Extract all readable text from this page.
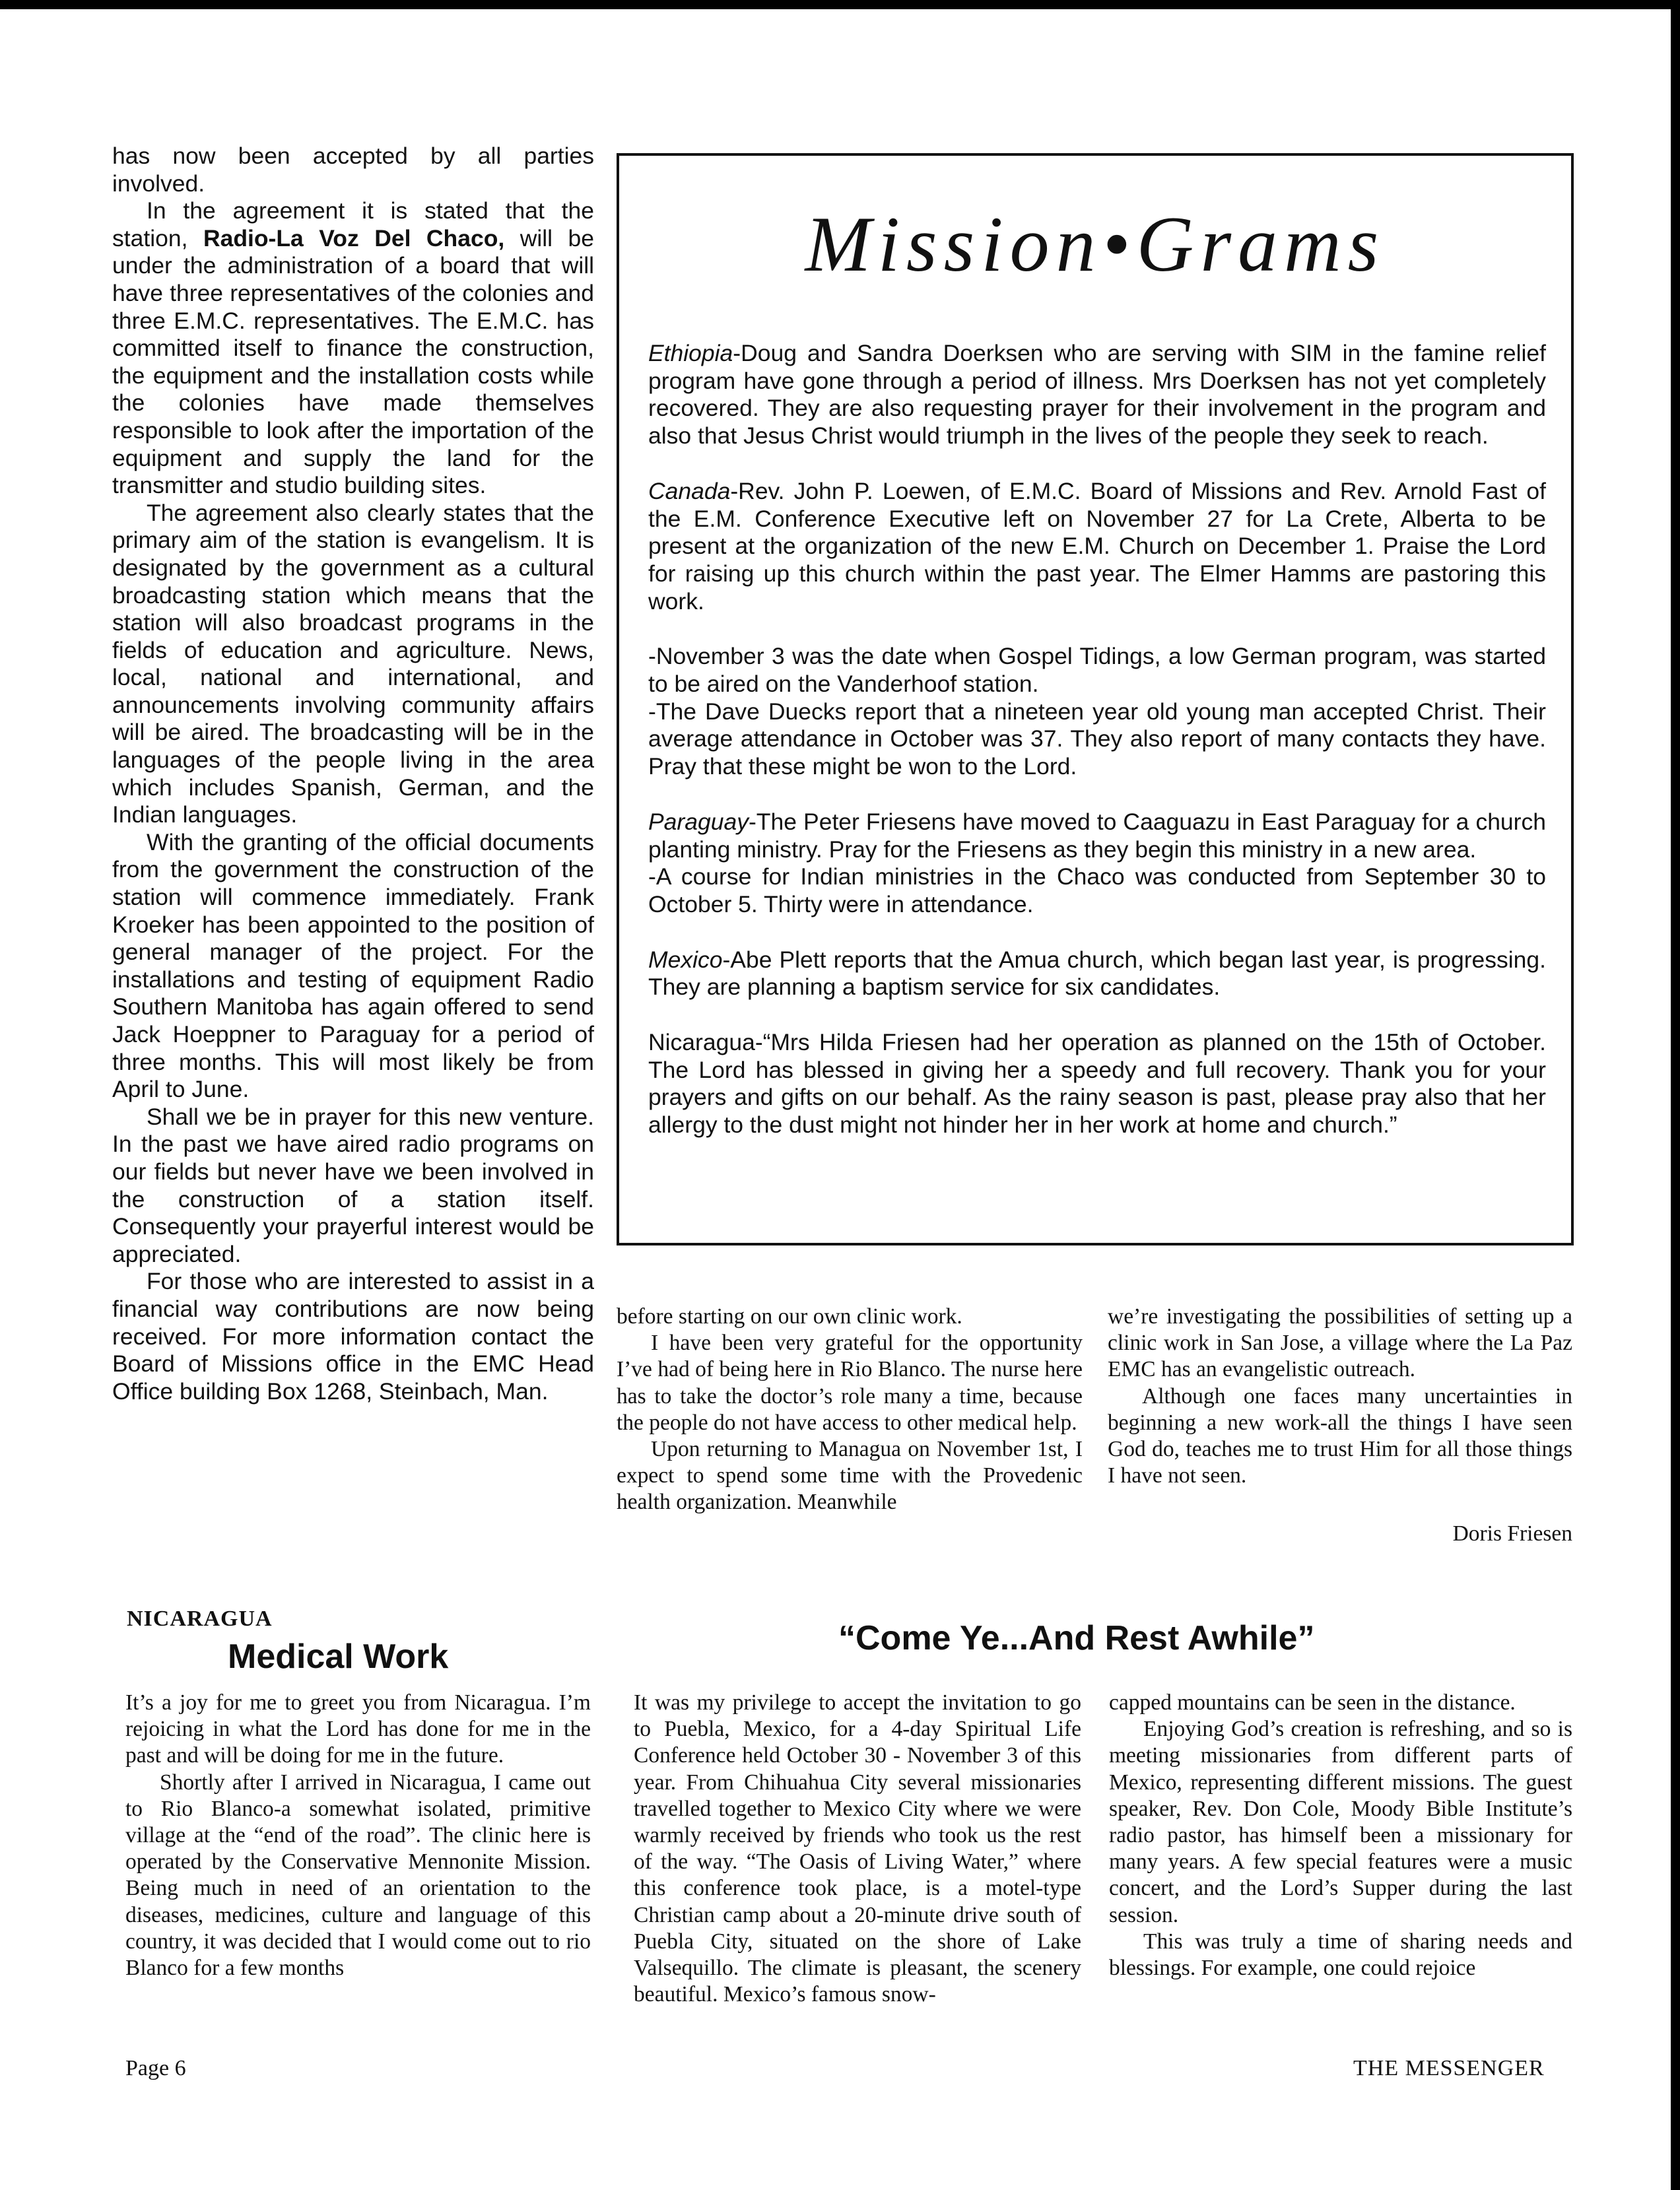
has now been accepted by all parties involved.

In the agreement it is stated that the station, Radio-La Voz Del Chaco, will be under the administration of a board that will have three representatives of the colonies and three E.M.C. representatives. The E.M.C. has committed itself to finance the construction, the equipment and the installation costs while the colonies have made themselves responsible to look after the importation of the equipment and supply the land for the transmitter and studio building sites.

The agreement also clearly states that the primary aim of the station is evangelism. It is designated by the government as a cultural broadcasting station which means that the station will also broadcast programs in the fields of education and agriculture. News, local, national and international, and announcements involving community affairs will be aired. The broadcasting will be in the languages of the people living in the area which includes Spanish, German, and the Indian languages.

With the granting of the official documents from the government the construction of the station will commence immediately. Frank Kroeker has been appointed to the position of general manager of the project. For the installations and testing of equipment Radio Southern Manitoba has again offered to send Jack Hoeppner to Paraguay for a period of three months. This will most likely be from April to June.

Shall we be in prayer for this new venture. In the past we have aired radio programs on our fields but never have we been involved in the construction of a station itself. Consequently your prayerful interest would be appreciated.

For those who are interested to assist in a financial way contributions are now being received. For more information contact the Board of Missions office in the EMC Head Office building Box 1268, Steinbach, Man.

Mission•Grams

Ethiopia-Doug and Sandra Doerksen who are serving with SIM in the famine relief program have gone through a period of illness. Mrs Doerksen has not yet completely recovered. They are also requesting prayer for their involvement in the program and also that Jesus Christ would triumph in the lives of the people they seek to reach.

Canada-Rev. John P. Loewen, of E.M.C. Board of Missions and Rev. Arnold Fast of the E.M. Conference Executive left on November 27 for La Crete, Alberta to be present at the organization of the new E.M. Church on December 1. Praise the Lord for raising up this church within the past year. The Elmer Hamms are pastoring this work.

-November 3 was the date when Gospel Tidings, a low German program, was started to be aired on the Vanderhoof station.

-The Dave Duecks report that a nineteen year old young man accepted Christ. Their average attendance in October was 37. They also report of many contacts they have. Pray that these might be won to the Lord.

Paraguay-The Peter Friesens have moved to Caaguazu in East Paraguay for a church planting ministry. Pray for the Friesens as they begin this ministry in a new area.

-A course for Indian ministries in the Chaco was conducted from September 30 to October 5. Thirty were in attendance.

Mexico-Abe Plett reports that the Amua church, which began last year, is progressing. They are planning a baptism service for six candidates.

Nicaragua-“Mrs Hilda Friesen had her operation as planned on the 15th of October. The Lord has blessed in giving her a speedy and full recovery. Thank you for your prayers and gifts on our behalf. As the rainy season is past, please pray also that her allergy to the dust might not hinder her in her work at home and church.”

before starting on our own clinic work.

I have been very grateful for the opportunity I’ve had of being here in Rio Blanco. The nurse here has to take the doctor’s role many a time, because the people do not have access to other medical help.

Upon returning to Managua on November 1st, I expect to spend some time with the Provedenic health organization. Meanwhile

we’re investigating the possibilities of setting up a clinic work in San Jose, a village where the La Paz EMC has an evangelistic outreach.

Although one faces many uncertainties in beginning a new work-all the things I have seen God do, teaches me to trust Him for all those things I have not seen.

Doris Friesen
NICARAGUA
Medical Work

It’s a joy for me to greet you from Nicaragua. I’m rejoicing in what the Lord has done for me in the past and will be doing for me in the future.

Shortly after I arrived in Nicaragua, I came out to Rio Blanco-a somewhat isolated, primitive village at the “end of the road”. The clinic here is operated by the Conservative Mennonite Mission. Being much in need of an orientation to the diseases, medicines, culture and language of this country, it was decided that I would come out to rio Blanco for a few months

“Come Ye...And Rest Awhile”

It was my privilege to accept the invitation to go to Puebla, Mexico, for a 4-day Spiritual Life Conference held October 30 - November 3 of this year. From Chihuahua City several missionaries travelled together to Mexico City where we were warmly received by friends who took us the rest of the way. “The Oasis of Living Water,” where this conference took place, is a motel-type Christian camp about a 20-minute drive south of Puebla City, situated on the shore of Lake Valsequillo. The climate is pleasant, the scenery beautiful. Mexico’s famous snow-

capped mountains can be seen in the distance.

Enjoying God’s creation is refreshing, and so is meeting missionaries from different parts of Mexico, representing different missions. The guest speaker, Rev. Don Cole, Moody Bible Institute’s radio pastor, has himself been a missionary for many years. A few special features were a music concert, and the Lord’s Supper during the last session.

This was truly a time of sharing needs and blessings. For example, one could rejoice

Page 6	THE MESSENGER
